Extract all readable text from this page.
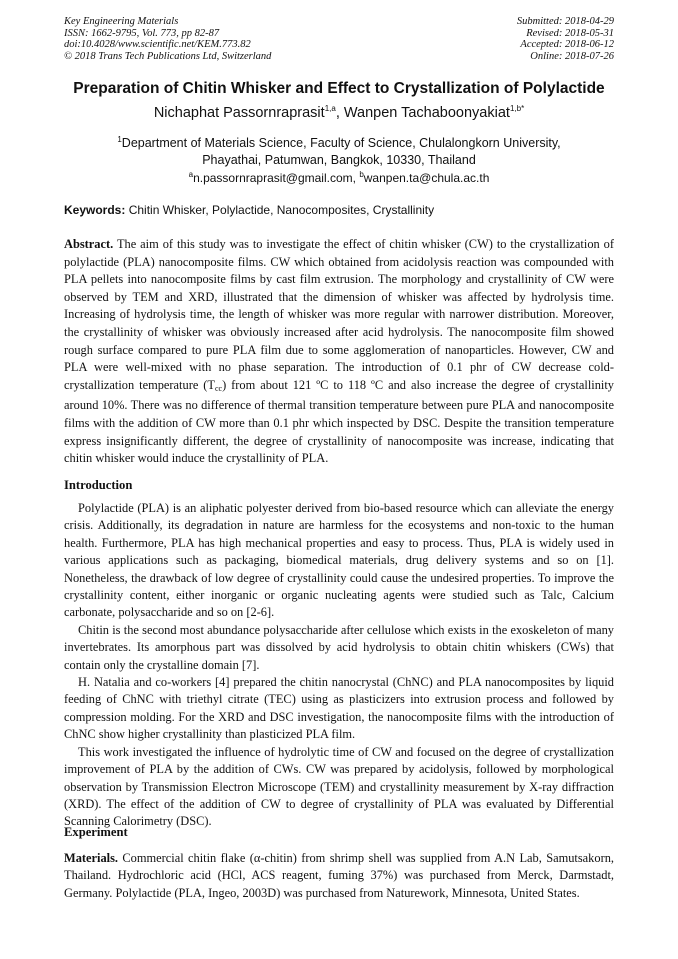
Key Engineering Materials
ISSN: 1662-9795, Vol. 773, pp 82-87
doi:10.4028/www.scientific.net/KEM.773.82
© 2018 Trans Tech Publications Ltd, Switzerland
Submitted: 2018-04-29
Revised: 2018-05-31
Accepted: 2018-06-12
Online: 2018-07-26
Preparation of Chitin Whisker and Effect to Crystallization of Polylactide
Nichaphat Passornraprasit$^{1,a}$, Wanpen Tachaboonyakiat$^{1,b*}$
$^1$Department of Materials Science, Faculty of Science, Chulalongkorn University,
Phayathai, Patumwan, Bangkok, 10330, Thailand
$^a$n.passornraprasit@gmail.com, $^b$wanpen.ta@chula.ac.th
Keywords: Chitin Whisker, Polylactide, Nanocomposites, Crystallinity
Abstract. The aim of this study was to investigate the effect of chitin whisker (CW) to the crystallization of polylactide (PLA) nanocomposite films. CW which obtained from acidolysis reaction was compounded with PLA pellets into nanocomposite films by cast film extrusion. The morphology and crystallinity of CW were observed by TEM and XRD, illustrated that the dimension of whisker was affected by hydrolysis time. Increasing of hydrolysis time, the length of whisker was more regular with narrower distribution. Moreover, the crystallinity of whisker was obviously increased after acid hydrolysis. The nanocomposite film showed rough surface compared to pure PLA film due to some agglomeration of nanoparticles. However, CW and PLA were well-mixed with no phase separation. The introduction of 0.1 phr of CW decrease cold-crystallization temperature $(T_{cc})$ from about 121 ºC to 118 ºC and also increase the degree of crystallinity around 10%. There was no difference of thermal transition temperature between pure PLA and nanocomposite films with the addition of CW more than 0.1 phr which inspected by DSC. Despite the transition temperature express insignificantly different, the degree of crystallinity of nanocomposite was increase, indicating that chitin whisker would induce the crystallinity of PLA.
Introduction

Polylactide (PLA) is an aliphatic polyester derived from bio-based resource which can alleviate the energy crisis. Additionally, its degradation in nature are harmless for the ecosystems and non-toxic to the human health. Furthermore, PLA has high mechanical properties and easy to process. Thus, PLA is widely used in various applications such as packaging, biomedical materials, drug delivery systems and so on [1]. Nonetheless, the drawback of low degree of crystallinity could cause the undesired properties. To improve the crystallinity content, either inorganic or organic nucleating agents were studied such as Talc, Calcium carbonate, polysaccharide and so on [2-6].

Chitin is the second most abundance polysaccharide after cellulose which exists in the exoskeleton of many invertebrates. Its amorphous part was dissolved by acid hydrolysis to obtain chitin whiskers (CWs) that contain only the crystalline domain [7].

H. Natalia and co-workers [4] prepared the chitin nanocrystal (ChNC) and PLA nanocomposites by liquid feeding of ChNC with triethyl citrate (TEC) using as plasticizers into extrusion process and followed by compression molding. For the XRD and DSC investigation, the nanocomposite films with the introduction of ChNC show higher crystallinity than plasticized PLA film.

This work investigated the influence of hydrolytic time of CW and focused on the degree of crystallization improvement of PLA by the addition of CWs. CW was prepared by acidolysis, followed by morphological observation by Transmission Electron Microscope (TEM) and crystallinity measurement by X-ray diffraction (XRD). The effect of the addition of CW to degree of crystallinity of PLA was evaluated by Differential Scanning Calorimetry (DSC).

Experiment
Materials. Commercial chitin flake (α-chitin) from shrimp shell was supplied from A.N Lab, Samutsakorn, Thailand. Hydrochloric acid (HCl, ACS reagent, fuming 37%) was purchased from Merck, Darmstadt, Germany. Polylactide (PLA, Ingeo, 2003D) was purchased from Naturework, Minnesota, United States.
